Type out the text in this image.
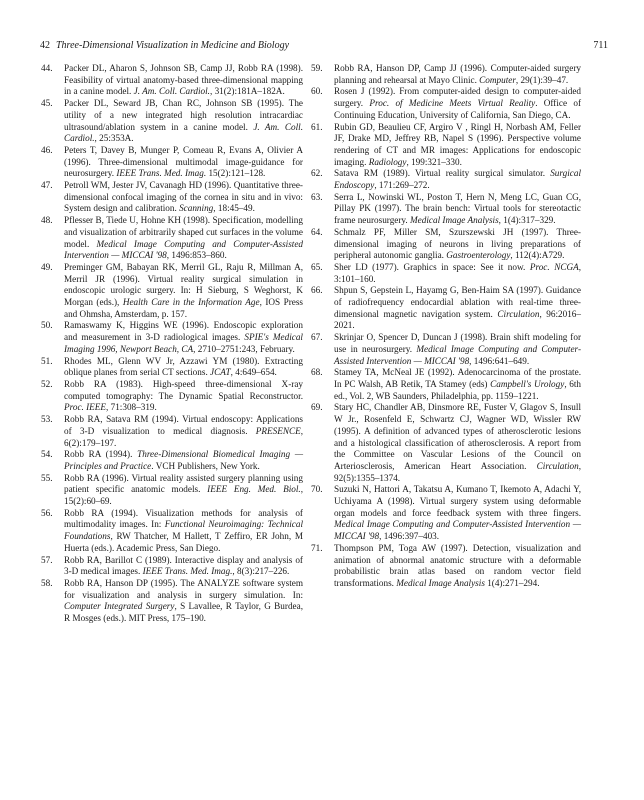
42 Three-Dimensional Visualization in Medicine and Biology	711

44. Packer DL, Aharon S, Johnson SB, Camp JJ, Robb RA (1998). Feasibility of virtual anatomy-based three-dimensional mapping in a canine model. J. Am. Coll. Cardiol., 31(2):181A–182A.

45. Packer DL, Seward JB, Chan RC, Johnson SB (1995). The utility of a new integrated high resolution intracardiac ultrasound/ablation system in a canine model. J. Am. Coll. Cardiol., 25:353A.

46. Peters T, Davey B, Munger P, Comeau R, Evans A, Olivier A (1996). Three-dimensional multimodal image-guidance for neurosurgery. IEEE Trans. Med. Imag. 15(2):121–128.

47. Petroll WM, Jester JV, Cavanagh HD (1996). Quantitative three-dimensional confocal imaging of the cornea in situ and in vivo: System design and calibration. Scanning, 18:45–49.

48. Pflesser B, Tiede U, Hohne KH (1998). Specification, modelling and visualization of arbitrarily shaped cut surfaces in the volume model. Medical Image Computing and Computer-Assisted Intervention — MICCAI '98, 1496:853–860.

49. Preminger GM, Babayan RK, Merril GL, Raju R, Millman A, Merril JR (1996). Virtual reality surgical simulation in endoscopic urologic surgery. In: H Sieburg, S Weghorst, K Morgan (eds.), Health Care in the Information Age, IOS Press and Ohmsha, Amsterdam, p. 157.

50. Ramaswamy K, Higgins WE (1996). Endoscopic exploration and measurement in 3-D radiological images. SPIE's Medical Imaging 1996, Newport Beach, CA, 2710–2751:243, February.

51. Rhodes ML, Glenn WV Jr, Azzawi YM (1980). Extracting oblique planes from serial CT sections. JCAT, 4:649–654.

52. Robb RA (1983). High-speed three-dimensional X-ray computed tomography: The Dynamic Spatial Reconstructor. Proc. IEEE, 71:308–319.

53. Robb RA, Satava RM (1994). Virtual endoscopy: Applications of 3-D visualization to medical diagnosis. PRESENCE, 6(2):179–197.

54. Robb RA (1994). Three-Dimensional Biomedical Imaging — Principles and Practice. VCH Publishers, New York.

55. Robb RA (1996). Virtual reality assisted surgery planning using patient specific anatomic models. IEEE Eng. Med. Biol., 15(2):60–69.

56. Robb RA (1994). Visualization methods for analysis of multimodality images. In: Functional Neuroimaging: Technical Foundations, RW Thatcher, M Hallett, T Zeffiro, ER John, M Huerta (eds.). Academic Press, San Diego.

57. Robb RA, Barillot C (1989). Interactive display and analysis of 3-D medical images. IEEE Trans. Med. Imag., 8(3):217–226.

58. Robb RA, Hanson DP (1995). The ANALYZE software system for visualization and analysis in surgery simulation. In: Computer Integrated Surgery, S Lavallee, R Taylor, G Burdea, R Mosges (eds.). MIT Press, 175–190.

59. Robb RA, Hanson DP, Camp JJ (1996). Computer-aided surgery planning and rehearsal at Mayo Clinic. Computer, 29(1):39–47.

60. Rosen J (1992). From computer-aided design to computer-aided surgery. Proc. of Medicine Meets Virtual Reality. Office of Continuing Education, University of California, San Diego, CA.

61. Rubin GD, Beaulieu CF, Argiro V , Ringl H, Norbash AM, Feller JF, Drake MD, Jeffrey RB, Napel S (1996). Perspective volume rendering of CT and MR images: Applications for endoscopic imaging. Radiology, 199:321–330.

62. Satava RM (1989). Virtual reality surgical simulator. Surgical Endoscopy, 171:269–272.

63. Serra L, Nowinski WL, Poston T, Hern N, Meng LC, Guan CG, Pillay PK (1997). The brain bench: Virtual tools for stereotactic frame neurosurgery. Medical Image Analysis, 1(4):317–329.

64. Schmalz PF, Miller SM, Szurszewski JH (1997). Three-dimensional imaging of neurons in living preparations of peripheral autonomic ganglia. Gastroenterology, 112(4):A729.

65. Sher LD (1977). Graphics in space: See it now. Proc. NCGA, 3:101–160.

66. Shpun S, Gepstein L, Hayamg G, Ben-Haim SA (1997). Guidance of radiofrequency endocardial ablation with real-time three-dimensional magnetic navigation system. Circulation, 96:2016–2021.

67. Skrinjar O, Spencer D, Duncan J (1998). Brain shift modeling for use in neurosurgery. Medical Image Computing and Computer-Assisted Intervention — MICCAI '98, 1496:641–649.

68. Stamey TA, McNeal JE (1992). Adenocarcinoma of the prostate. In PC Walsh, AB Retik, TA Stamey (eds) Campbell's Urology, 6th ed., Vol. 2, WB Saunders, Philadelphia, pp. 1159–1221.

69. Stary HC, Chandler AB, Dinsmore RE, Fuster V, Glagov S, Insull W Jr., Rosenfeld E, Schwartz CJ, Wagner WD, Wissler RW (1995). A definition of advanced types of atherosclerotic lesions and a histological classification of atherosclerosis. A report from the Committee on Vascular Lesions of the Council on Arteriosclerosis, American Heart Association. Circulation, 92(5):1355–1374.

70. Suzuki N, Hattori A, Takatsu A, Kumano T, Ikemoto A, Adachi Y, Uchiyama A (1998). Virtual surgery system using deformable organ models and force feedback system with three fingers. Medical Image Computing and Computer-Assisted Intervention — MICCAI '98, 1496:397–403.

71. Thompson PM, Toga AW (1997). Detection, visualization and animation of abnormal anatomic structure with a deformable probabilistic brain atlas based on random vector field transformations. Medical Image Analysis 1(4):271–294.
